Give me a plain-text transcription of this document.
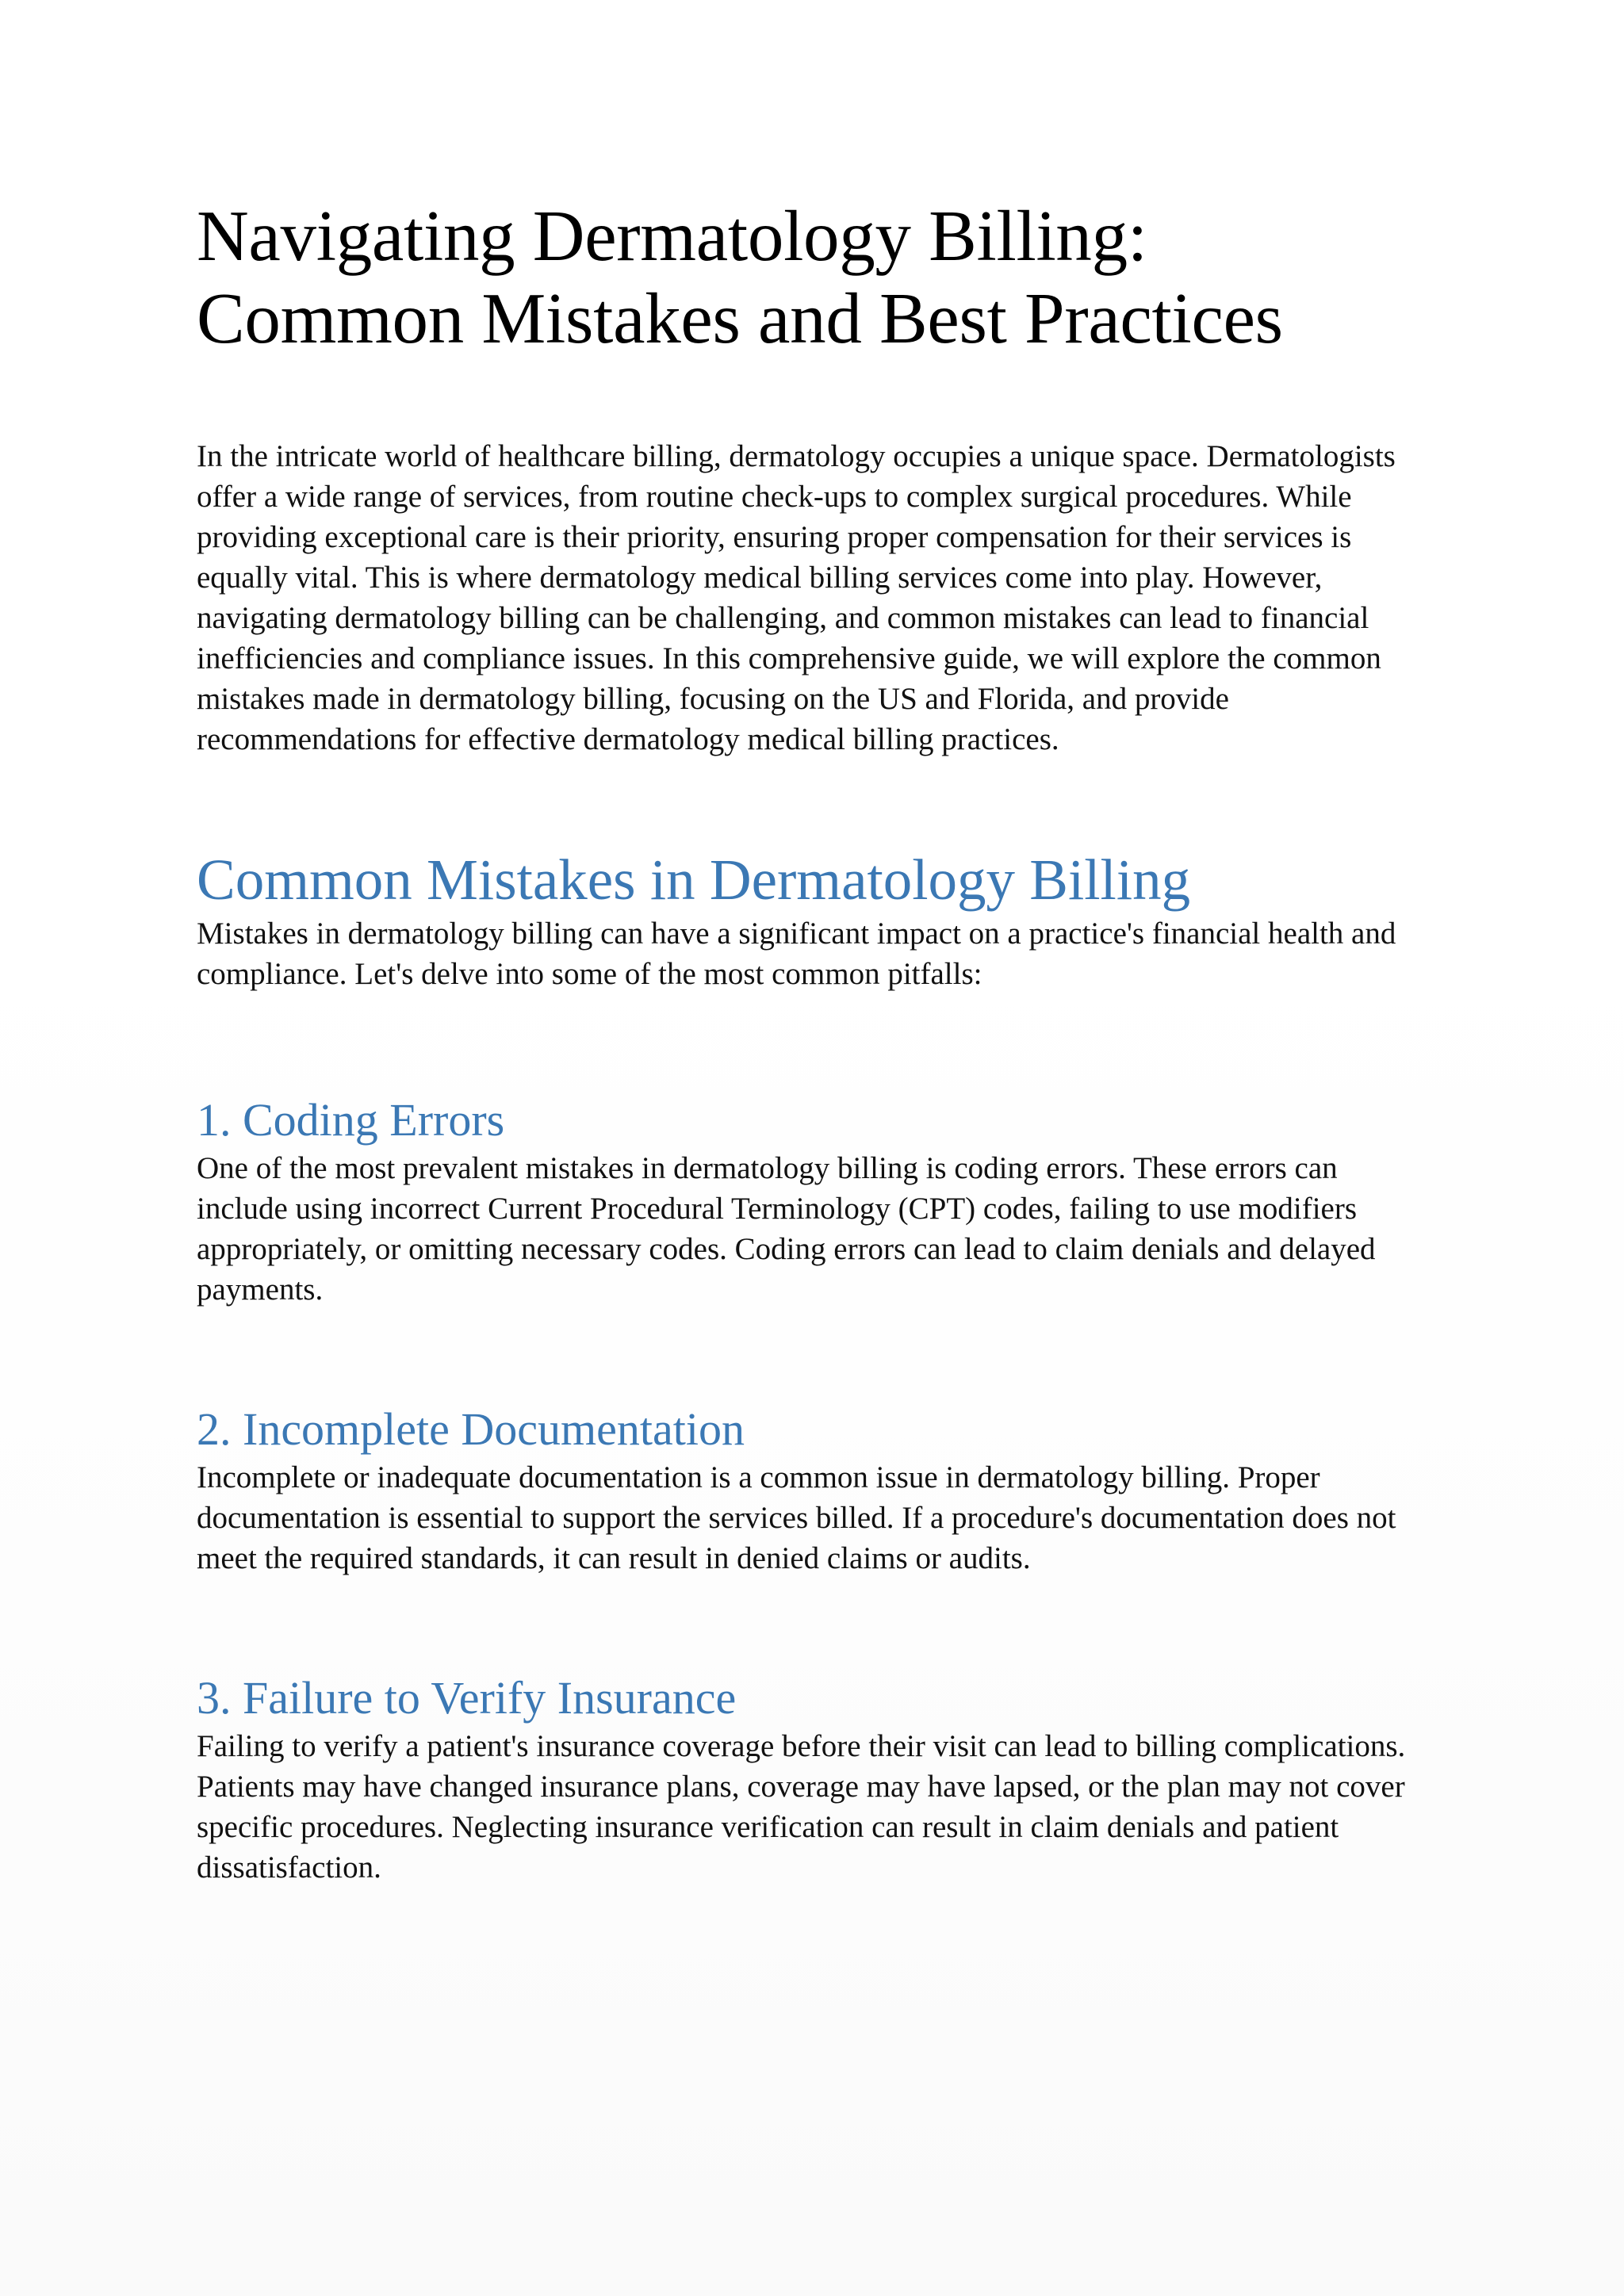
Navigating Dermatology Billing:
Common Mistakes and Best Practices

In the intricate world of healthcare billing, dermatology occupies a unique space. Dermatologists offer a wide range of services, from routine check-ups to complex surgical procedures. While providing exceptional care is their priority, ensuring proper compensation for their services is equally vital. This is where dermatology medical billing services come into play. However, navigating dermatology billing can be challenging, and common mistakes can lead to financial inefficiencies and compliance issues. In this comprehensive guide, we will explore the common mistakes made in dermatology billing, focusing on the US and Florida, and provide recommendations for effective dermatology medical billing practices.

Common Mistakes in Dermatology Billing

Mistakes in dermatology billing can have a significant impact on a practice's financial health and compliance. Let's delve into some of the most common pitfalls:

1. Coding Errors

One of the most prevalent mistakes in dermatology billing is coding errors. These errors can include using incorrect Current Procedural Terminology (CPT) codes, failing to use modifiers appropriately, or omitting necessary codes. Coding errors can lead to claim denials and delayed payments.

2. Incomplete Documentation

Incomplete or inadequate documentation is a common issue in dermatology billing. Proper documentation is essential to support the services billed. If a procedure's documentation does not meet the required standards, it can result in denied claims or audits.

3. Failure to Verify Insurance

Failing to verify a patient's insurance coverage before their visit can lead to billing complications. Patients may have changed insurance plans, coverage may have lapsed, or the plan may not cover specific procedures. Neglecting insurance verification can result in claim denials and patient dissatisfaction.
